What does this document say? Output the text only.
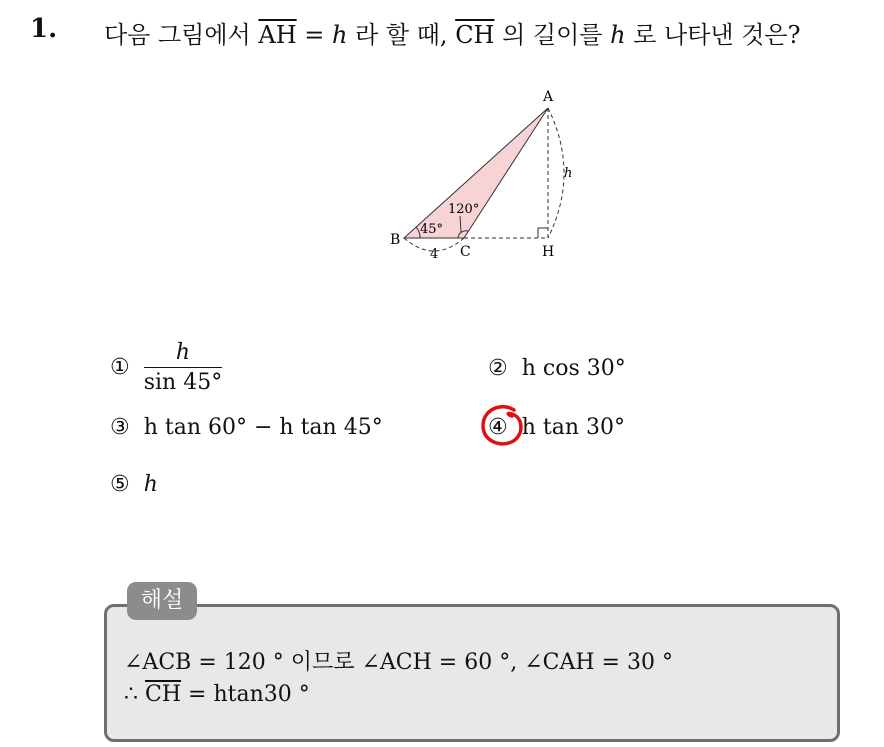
1. 다음 그림에서 $\overline{AH} = h$ 라 할 때, $\overline{CH}$ 의 길이를 h 로 나타낸 것은?
A
B
C	H
h
45°
120°
4
① $\frac{h}{\sin 45^\circ}$	② h cos 30°
③ h tan 60° − h tan 45°	④ h tan 30°
⑤ h
해설
∠ACB = 120 ° 이므로 ∠ACH = 60 °, ∠CAH = 30 °
∴ $\overline{CH} = htan30$ °
